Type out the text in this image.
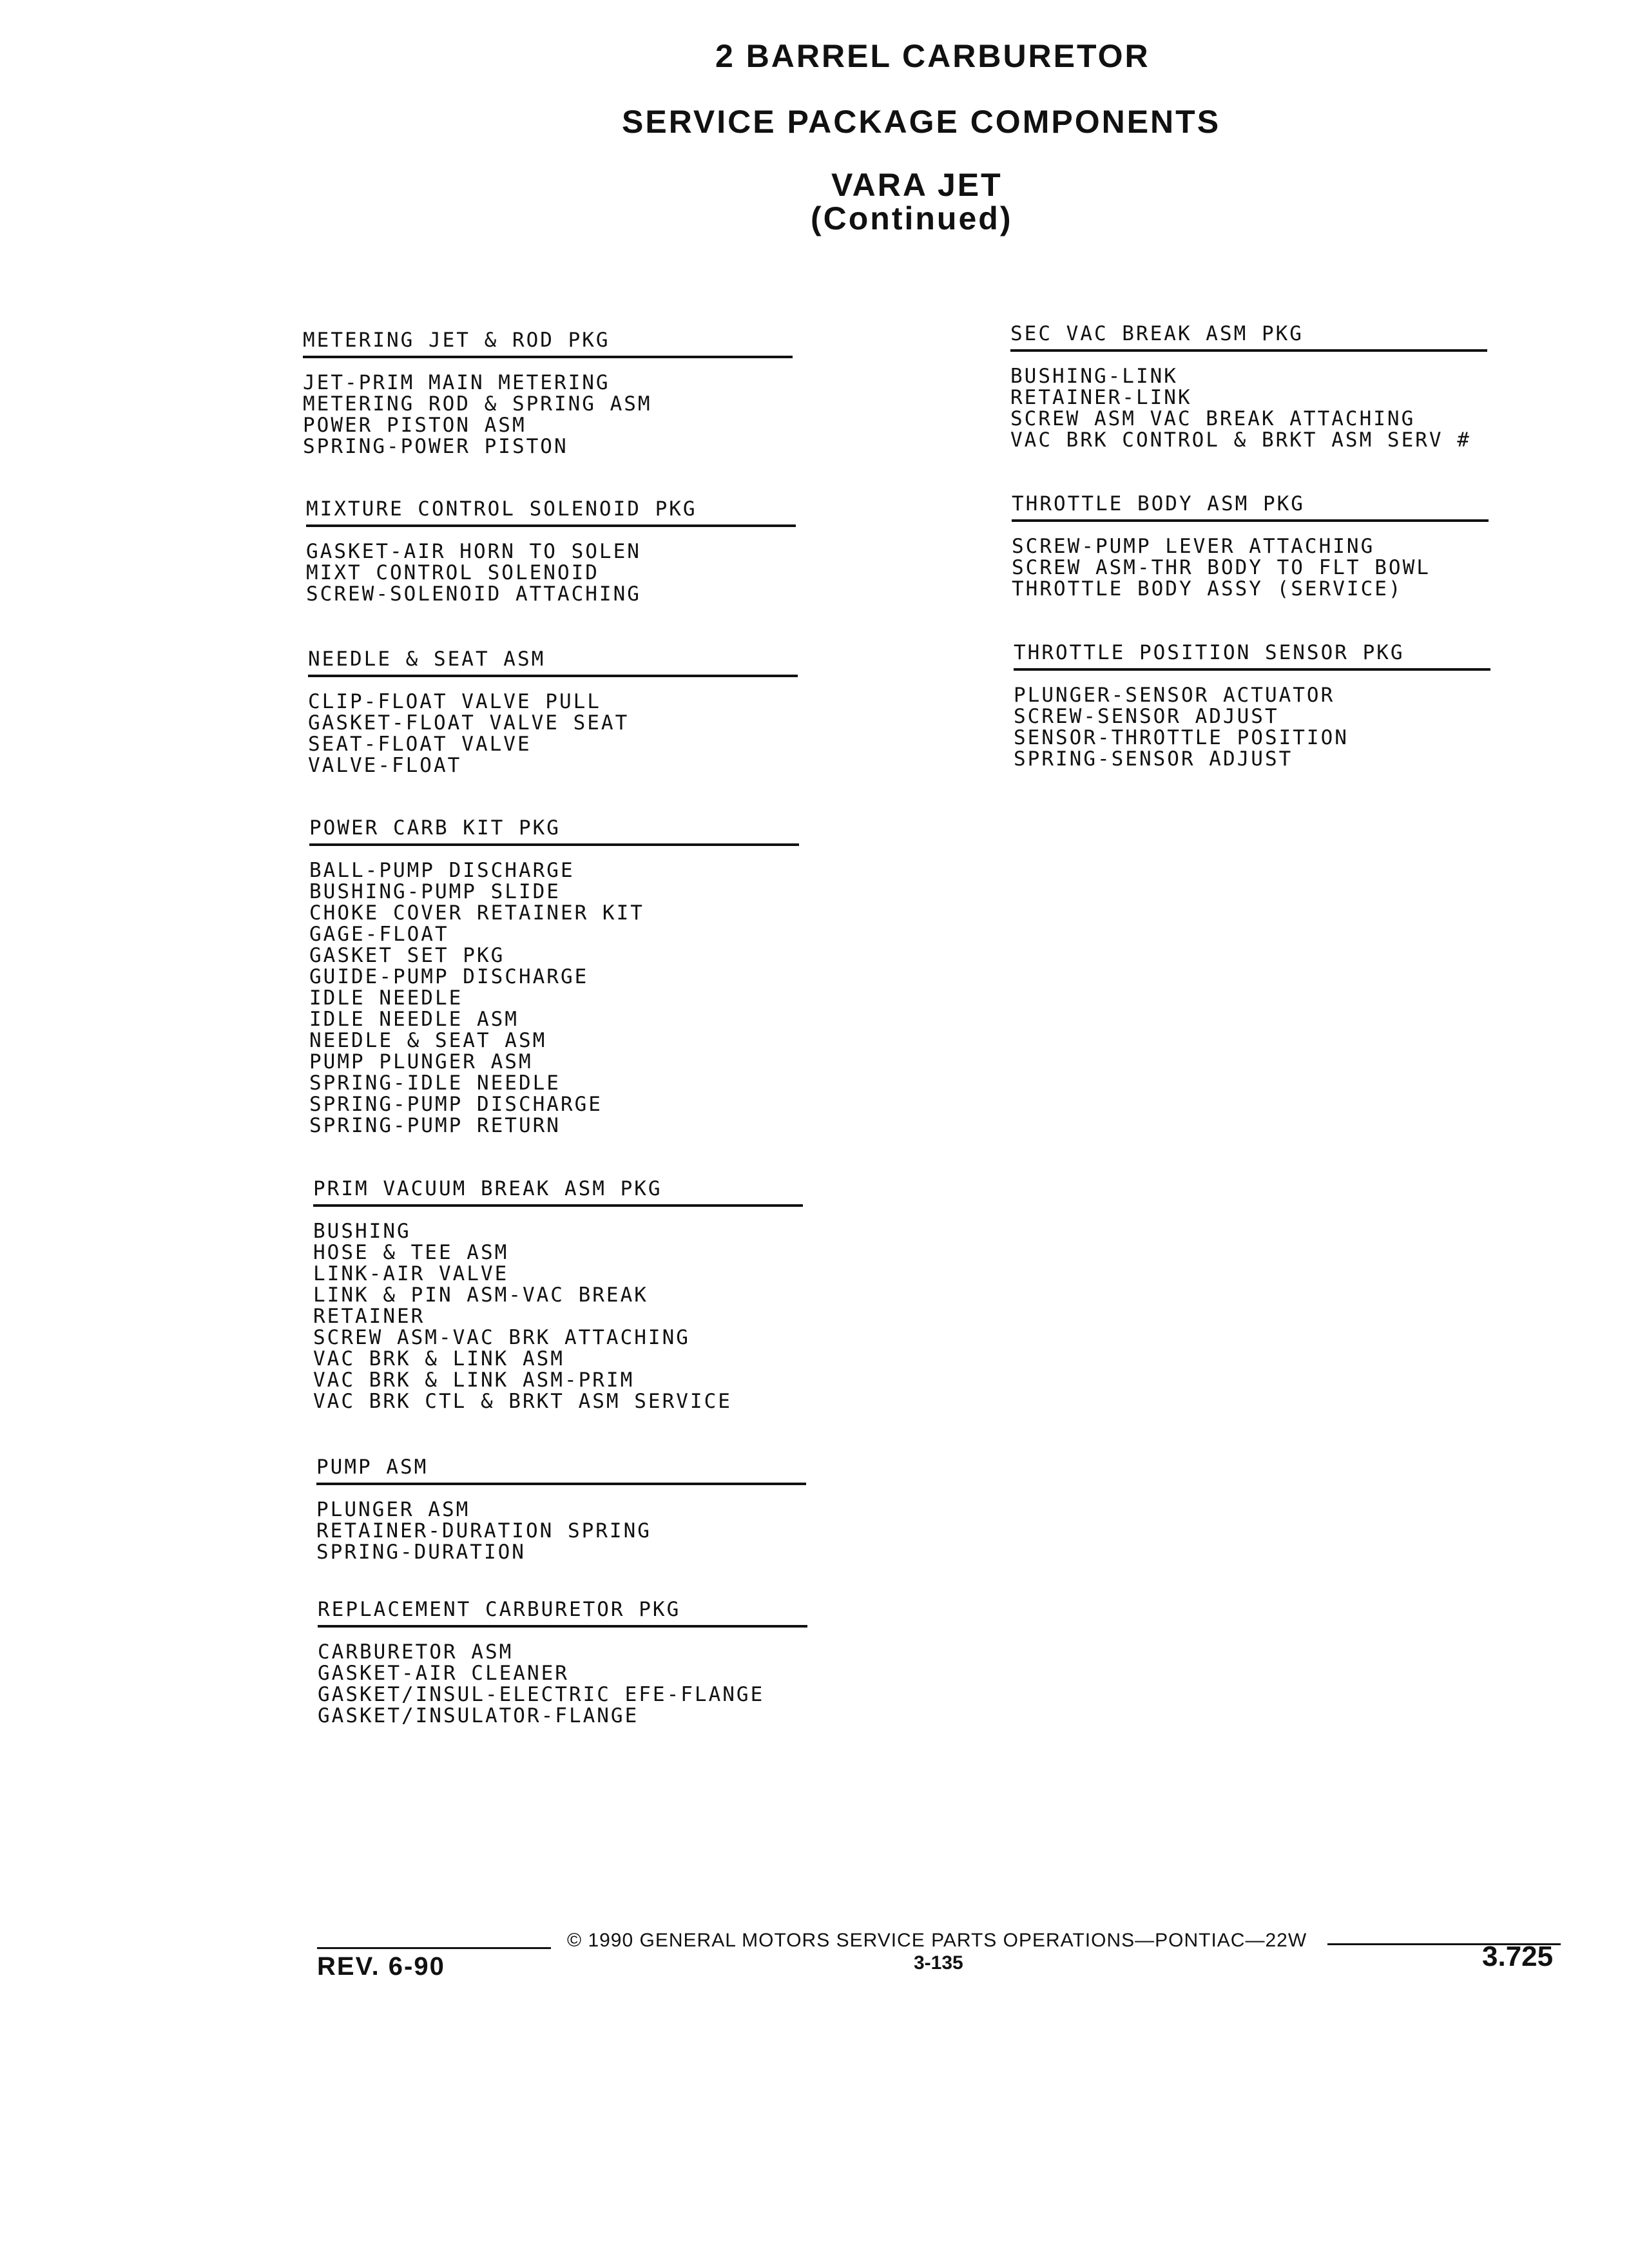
2 BARREL CARBURETOR
SERVICE PACKAGE COMPONENTS
VARA JET
(Continued)
METERING JET & ROD PKG
JET-PRIM MAIN METERING
METERING ROD & SPRING ASM
POWER PISTON ASM
SPRING-POWER PISTON
MIXTURE CONTROL SOLENOID PKG
GASKET-AIR HORN TO SOLEN
MIXT CONTROL SOLENOID
SCREW-SOLENOID ATTACHING
NEEDLE & SEAT ASM
CLIP-FLOAT VALVE PULL
GASKET-FLOAT VALVE SEAT
SEAT-FLOAT VALVE
VALVE-FLOAT
POWER CARB KIT PKG
BALL-PUMP DISCHARGE
BUSHING-PUMP SLIDE
CHOKE COVER RETAINER KIT
GAGE-FLOAT
GASKET SET PKG
GUIDE-PUMP DISCHARGE
IDLE NEEDLE
IDLE NEEDLE ASM
NEEDLE & SEAT ASM
PUMP PLUNGER ASM
SPRING-IDLE NEEDLE
SPRING-PUMP DISCHARGE
SPRING-PUMP RETURN
PRIM VACUUM BREAK ASM PKG
BUSHING
HOSE & TEE ASM
LINK-AIR VALVE
LINK & PIN ASM-VAC BREAK
RETAINER
SCREW ASM-VAC BRK ATTACHING
VAC BRK & LINK ASM
VAC BRK & LINK ASM-PRIM
VAC BRK CTL & BRKT ASM SERVICE
PUMP ASM
PLUNGER ASM
RETAINER-DURATION SPRING
SPRING-DURATION
REPLACEMENT CARBURETOR PKG
CARBURETOR ASM
GASKET-AIR CLEANER
GASKET/INSUL-ELECTRIC EFE-FLANGE
GASKET/INSULATOR-FLANGE
SEC VAC BREAK ASM PKG
BUSHING-LINK
RETAINER-LINK
SCREW ASM VAC BREAK ATTACHING
VAC BRK CONTROL & BRKT ASM SERV #
THROTTLE BODY ASM PKG
SCREW-PUMP LEVER ATTACHING
SCREW ASM-THR BODY TO FLT BOWL
THROTTLE BODY ASSY (SERVICE)
THROTTLE POSITION SENSOR PKG
PLUNGER-SENSOR ACTUATOR
SCREW-SENSOR ADJUST
SENSOR-THROTTLE POSITION
SPRING-SENSOR ADJUST
© 1990 GENERAL MOTORS SERVICE PARTS OPERATIONS—PONTIAC—22W
REV. 6-90	3-135	3.725
